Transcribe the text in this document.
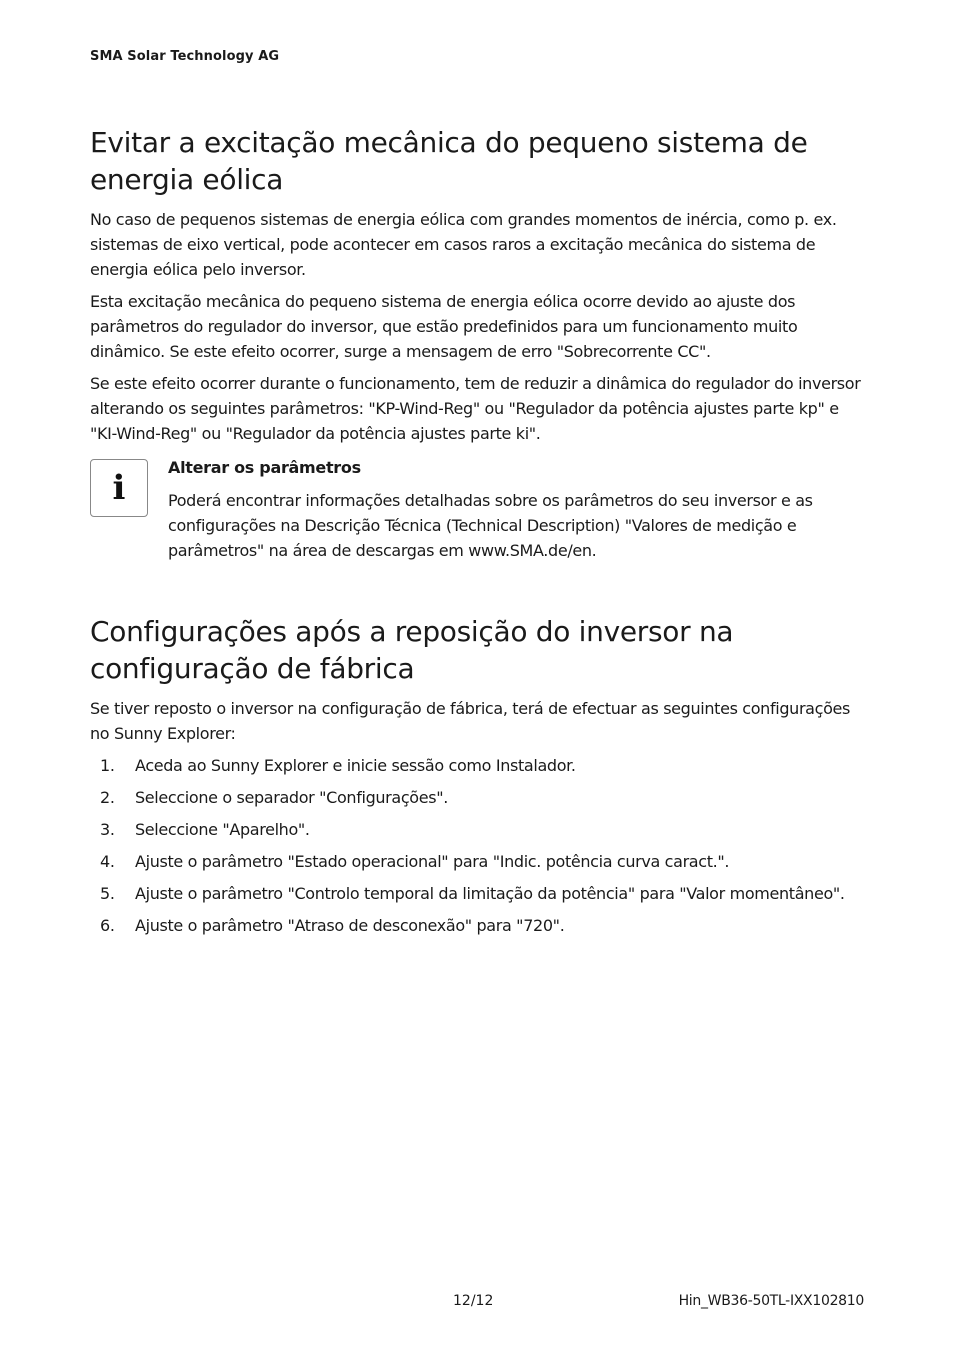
SMA Solar Technology AG
Evitar a excitação mecânica do pequeno sistema de energia eólica

No caso de pequenos sistemas de energia eólica com grandes momentos de inércia, como p. ex. sistemas de eixo vertical, pode acontecer em casos raros a excitação mecânica do sistema de energia eólica pelo inversor.

Esta excitação mecânica do pequeno sistema de energia eólica ocorre devido ao ajuste dos parâmetros do regulador do inversor, que estão predefinidos para um funcionamento muito dinâmico. Se este efeito ocorrer, surge a mensagem de erro "Sobrecorrente CC".

Se este efeito ocorrer durante o funcionamento, tem de reduzir a dinâmica do regulador do inversor alterando os seguintes parâmetros: "KP-Wind-Reg" ou "Regulador da potência ajustes parte kp" e "KI-Wind-Reg" ou "Regulador da potência ajustes parte ki".

i
Alterar os parâmetros

Poderá encontrar informações detalhadas sobre os parâmetros do seu inversor e as configurações na Descrição Técnica (Technical Description) "Valores de medição e parâmetros" na área de descargas em www.SMA.de/en.

Configurações após a reposição do inversor na configuração de fábrica

Se tiver reposto o inversor na configuração de fábrica, terá de efectuar as seguintes configurações no Sunny Explorer:

1.	Aceda ao Sunny Explorer e inicie sessão como Instalador.
2.	Seleccione o separador "Configurações".
3.	Seleccione "Aparelho".
4.	Ajuste o parâmetro "Estado operacional" para "Indic. potência curva caract.".
5.	Ajuste o parâmetro "Controlo temporal da limitação da potência" para "Valor momentâneo".
6.	Ajuste o parâmetro "Atraso de desconexão" para "720".
12/12	Hin_WB36-50TL-IXX102810
